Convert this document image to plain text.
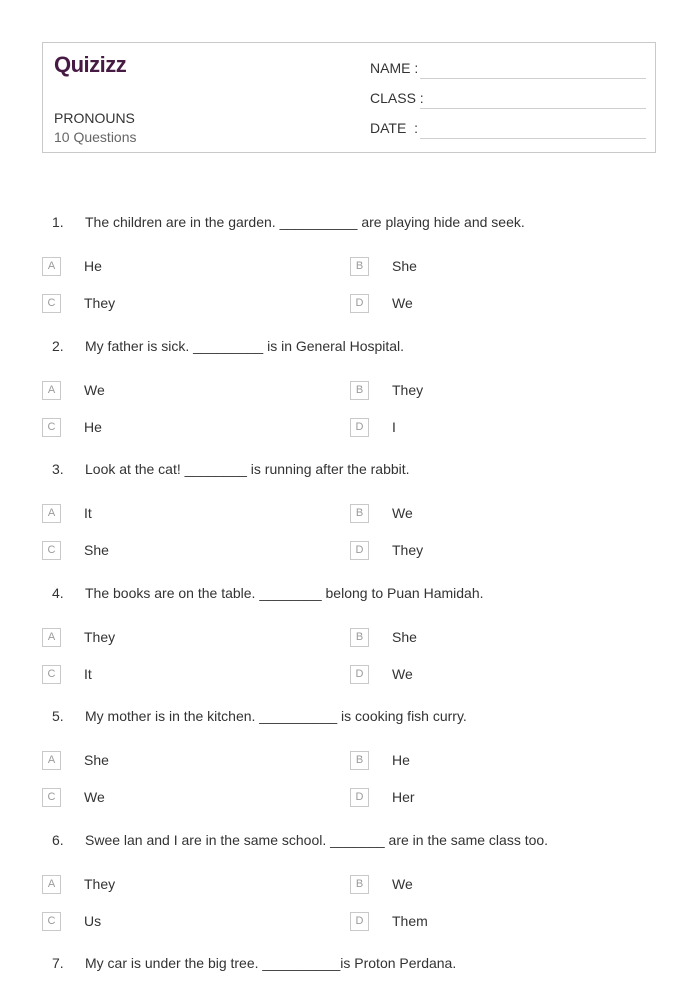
Quizizz
PRONOUNS
10 Questions
NAME :
CLASS :
DATE  :
1. The children are in the garden. __________ are playing hide and seek.
A	He	B	She
C	They	D	We
2. My father is sick. _________ is in General Hospital.
A	We	B	They
C	He	D	I
3. Look at the cat! ________ is running after the rabbit.
A	It	B	We
C	She	D	They
4. The books are on the table. ________ belong to Puan Hamidah.
A	They	B	She
C	It	D	We
5. My mother is in the kitchen. __________ is cooking fish curry.
A	She	B	He
C	We	D	Her
6. Swee lan and I are in the same school. _______ are in the same class too.
A	They	B	We
C	Us	D	Them
7. My car is under the big tree. __________is Proton Perdana.
